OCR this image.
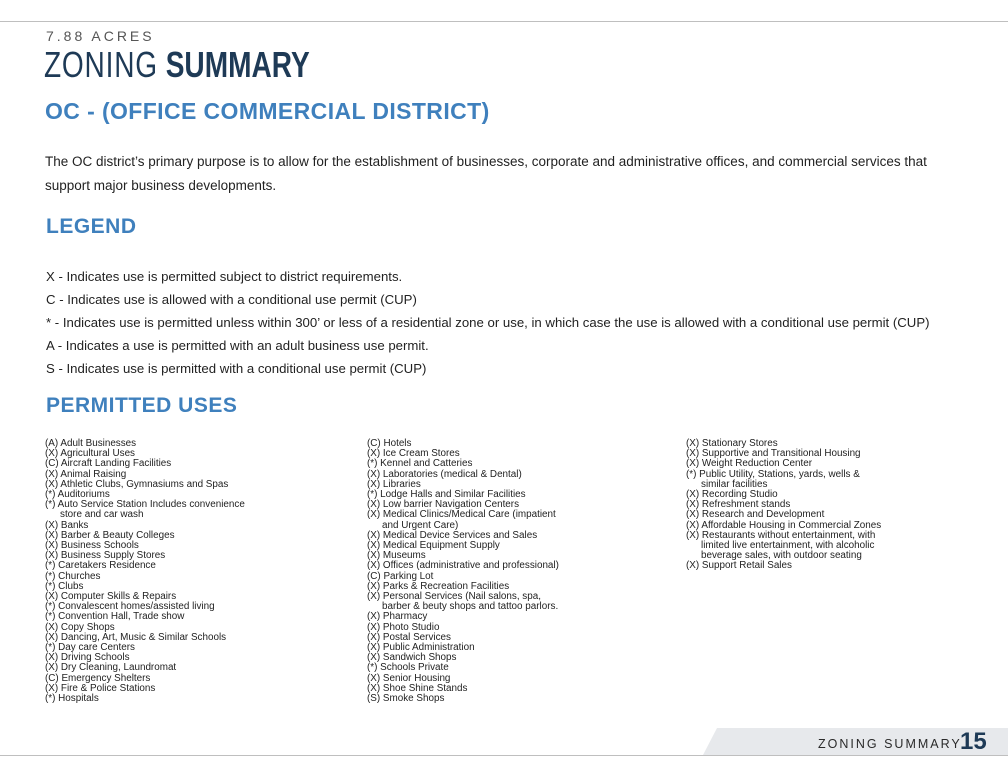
7.88 ACRES
ZONING SUMMARY
OC - (OFFICE COMMERCIAL DISTRICT)
The OC district’s primary purpose is to allow for the establishment of businesses, corporate and administrative offices, and commercial services that support major business developments.
LEGEND
X - Indicates use is permitted subject to district requirements.
C - Indicates use is allowed with a conditional use permit (CUP)
* - Indicates use is permitted unless within 300’ or less of a residential zone or use, in which case the use is allowed with a conditional use permit (CUP)
A - Indicates a use is permitted with an adult business use permit.
S - Indicates use is permitted with a conditional use permit (CUP)
PERMITTED USES
(A) Adult Businesses
(X) Agricultural Uses
(C) Aircraft Landing Facilities
(X) Animal Raising
(X) Athletic Clubs, Gymnasiums and Spas
(*) Auditoriums
(*) Auto Service Station Includes convenience
store and car wash
(X) Banks
(X) Barber & Beauty Colleges
(X) Business Schools
(X) Business Supply Stores
(*) Caretakers Residence
(*) Churches
(*) Clubs
(X) Computer Skills & Repairs
(*) Convalescent homes/assisted living
(*) Convention Hall, Trade show
(X) Copy Shops
(X) Dancing, Art, Music & Similar Schools
(*) Day care Centers
(X) Driving Schools
(X) Dry Cleaning, Laundromat
(C) Emergency Shelters
(X) Fire & Police Stations
(*) Hospitals
(C) Hotels
(X) Ice Cream Stores
(*) Kennel and Catteries
(X) Laboratories (medical & Dental)
(X) Libraries
(*) Lodge Halls and Similar Facilities
(X) Low barrier Navigation Centers
(X) Medical Clinics/Medical Care (impatient
and Urgent Care)
(X) Medical Device Services and Sales
(X) Medical Equipment Supply
(X) Museums
(X) Offices (administrative and professional)
(C) Parking Lot
(X) Parks & Recreation Facilities
(X) Personal Services (Nail salons, spa,
barber & beuty shops and tattoo parlors.
(X) Pharmacy
(X) Photo Studio
(X) Postal Services
(X) Public Administration
(X) Sandwich Shops
(*) Schools Private
(X) Senior Housing
(X) Shoe Shine Stands
(S) Smoke Shops
(X) Stationary Stores
(X) Supportive and Transitional Housing
(X) Weight Reduction Center
(*) Public Utility, Stations, yards, wells &
similar facilities
(X) Recording Studio
(X) Refreshment stands
(X) Research and Development
(X) Affordable Housing in Commercial Zones
(X) Restaurants without entertainment, with
limited live entertainment, with alcoholic
beverage sales, with outdoor seating
(X) Support Retail Sales
ZONING SUMMARY
15
